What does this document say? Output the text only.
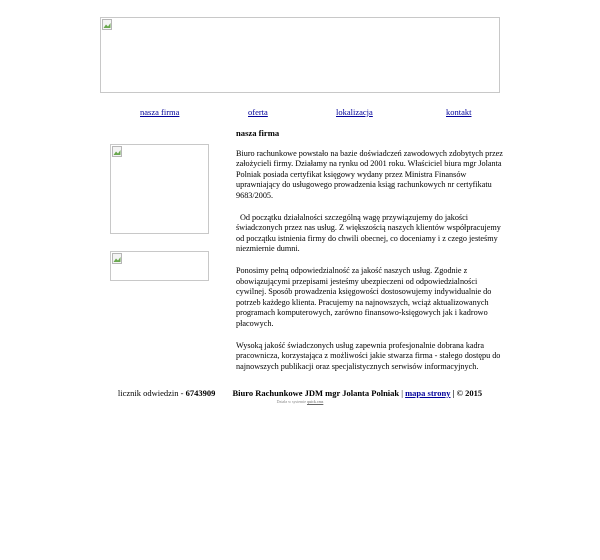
nasza firma	oferta	lokalizacja	kontakt
nasza firma

Biuro rachunkowe powstało na bazie doświadczeń zawodowych zdobytych przez założycieli firmy. Działamy na rynku od 2001 roku. Właściciel biura mgr Jolanta Polniak posiada certyfikat księgowy wydany przez Ministra Finansów uprawniający do usługowego prowadzenia ksiąg rachunkowych nr certyfikatu 9683/2005.

Od początku działalności szczególną wagę przywiązujemy do jakości świadczonych przez nas usług. Z większością naszych klientów współpracujemy od początku istnienia firmy do chwili obecnej, co doceniamy i z czego jesteśmy niezmiernie dumni.

Ponosimy pełną odpowiedzialność za jakość naszych usług. Zgodnie z obowiązującymi przepisami jesteśmy ubezpieczeni od odpowiedzialności cywilnej. Sposób prowadzenia księgowości dostosowujemy indywidualnie do potrzeb każdego klienta. Pracujemy na najnowszych, wciąż aktualizowanych programach komputerowych, zarówno finansowo-księgowych jak i kadrowo płacowych.

Wysoką jakość świadczonych usług zapewnia profesjonalnie dobrana kadra pracownicza, korzystająca z możliwości jakie stwarza firma - stałego dostępu do najnowszych publikacji oraz specjalistycznych serwisów informacyjnych.

licznik odwiedzin - 6743909 Biuro Rachunkowe JDM mgr Jolanta Polniak | mapa strony | © 2015
Działa w systemie quick.cms
